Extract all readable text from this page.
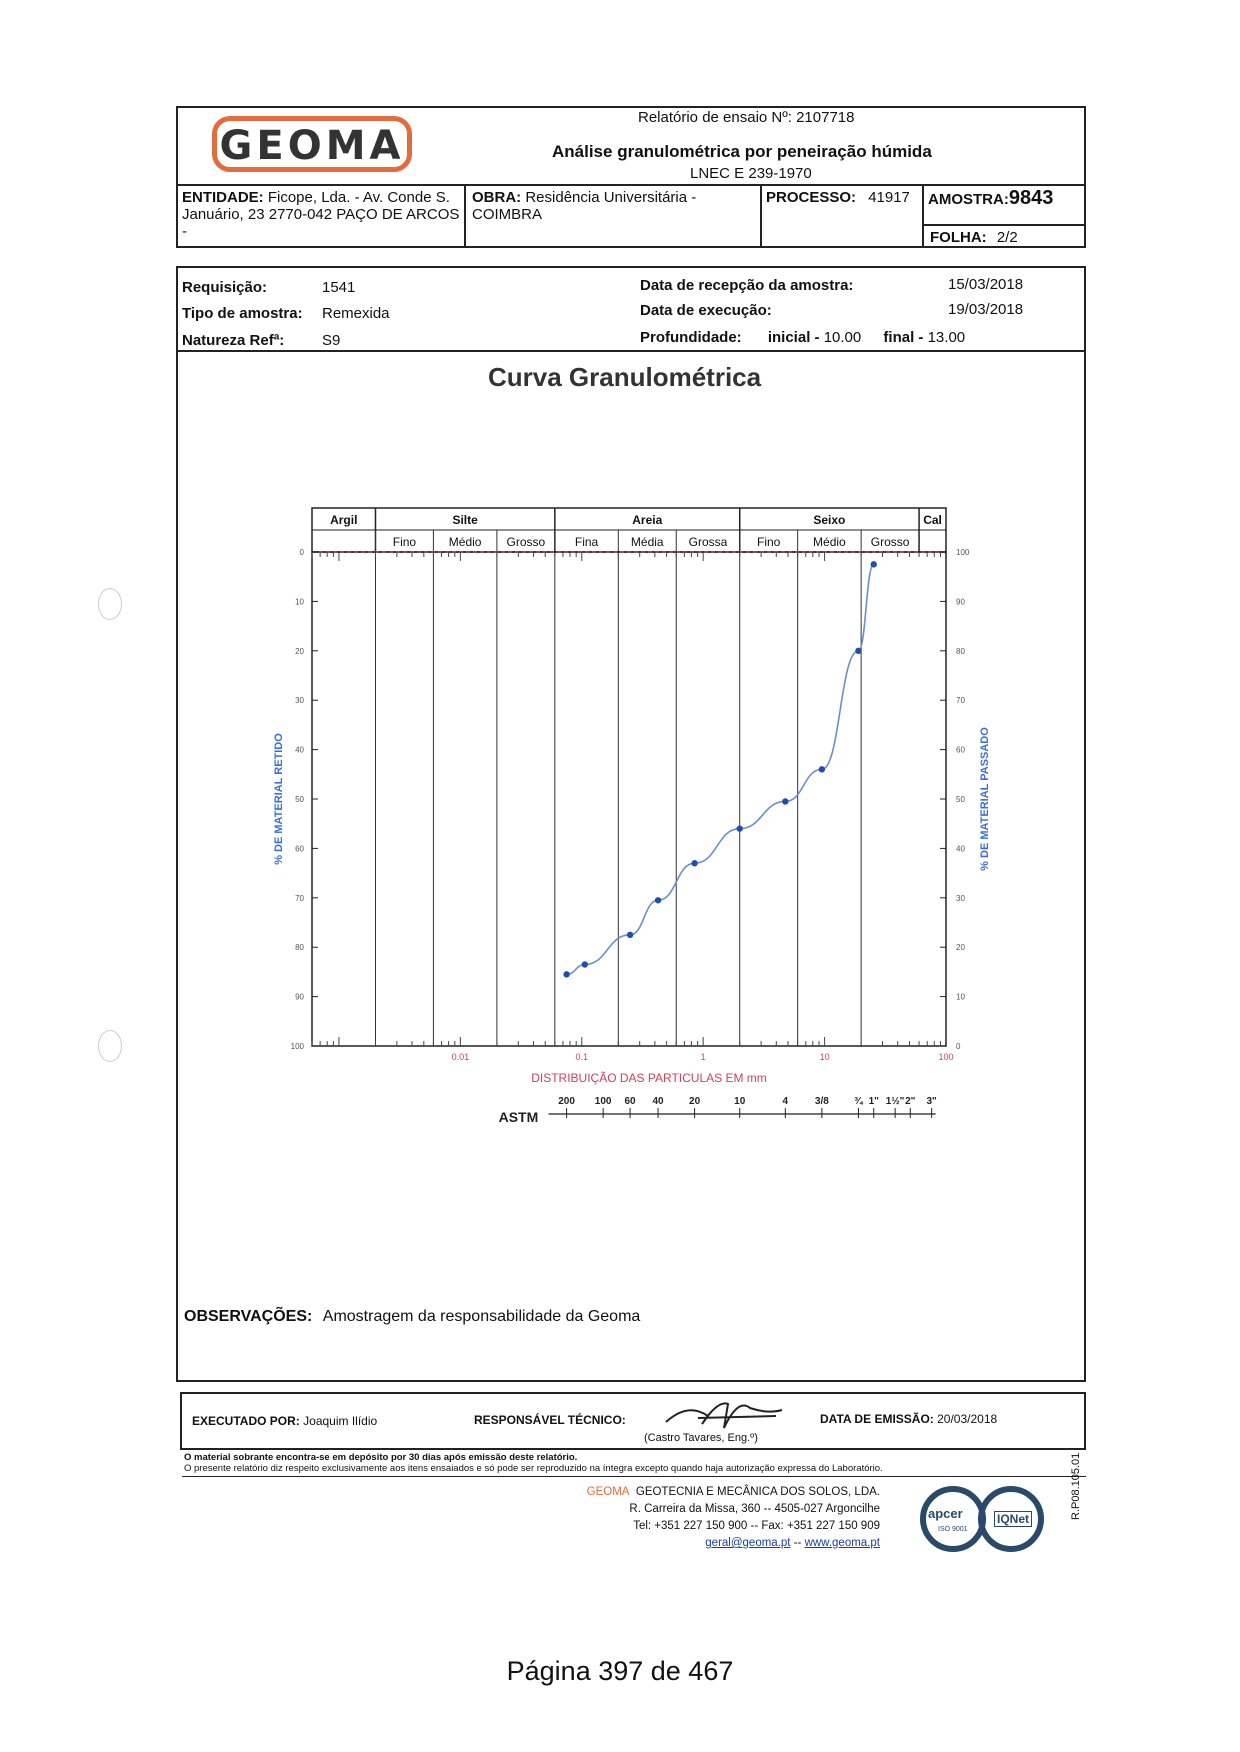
GEOMA
Relatório de ensaio Nº: 2107718
Análise granulométrica por peneiração húmida
LNEC E 239-1970
ENTIDADE: Ficope, Lda. - Av. Conde S. Januário, 23 2770-042 PAÇO DE ARCOS -
OBRA: Residência Universitária - COIMBRA
PROCESSO: 41917	AMOSTRA:9843
FOLHA: 2/2
Requisição:	1541
Tipo de amostra: Remexida
Natureza Refª:	S9
Data de recepção da amostra:	15/03/2018
Data de execução:	19/03/2018
Profundidade: inicial - 10.00 final - 13.00
Curva Granulométrica
Argil	Silte	Areia	Seixo	Cal
Fino	Médio Grosso Fina	Média Grossa Fino	Médio Grosso
0
10
20
30
40
50
60
70
80
90
100
100
90
80
70
60
50
40
30
20
10
0
0.01	0.1	1	10	100
DISTRIBUIÇÃO DAS PARTICULAS EM mm
% DE MATERIAL RETIDO	% DE MATERIAL PASSADO
ASTM
200 100 60 40	20	10	4	3/8	¾ 1" 1½" 2" 3"
OBSERVAÇÕES: Amostragem da responsabilidade da Geoma
EXECUTADO POR: Joaquim Ilídio	RESPONSÁVEL TÉCNICO:
(Castro Tavares, Eng.º)
DATA DE EMISSÃO: 20/03/2018
O material sobrante encontra-se em depósito por 30 dias após emissão deste relatório.
O presente relatório diz respeito exclusivamente aos itens ensaiados e só pode ser reproduzido na íntegra excepto quando haja autorização expressa do Laboratório.
GEOMA GEOTECNIA E MECÂNICA DOS SOLOS, LDA.
R. Carreira da Missa, 360 -- 4505-027 Argoncilhe
Tel: +351 227 150 900 -- Fax: +351 227 150 909
geral@geoma.pt -- www.geoma.pt
apcer
ISO 9001
IQNet	R.P08.105.01
Página 397 de 467
